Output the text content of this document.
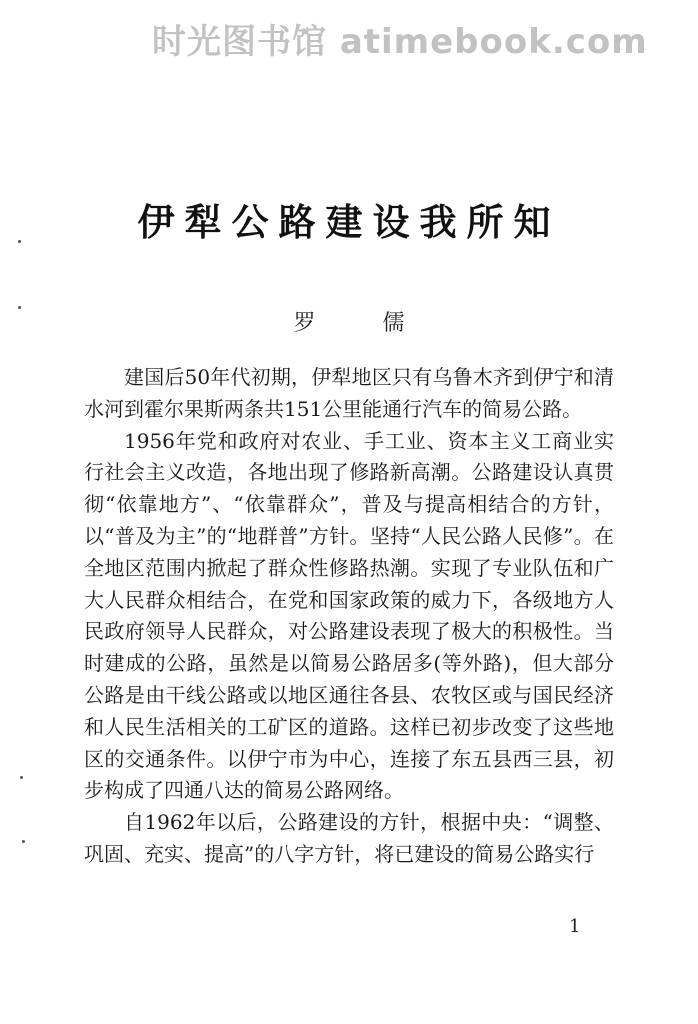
时光图书馆 atimebook.com
伊犁公路建设我所知
罗 儒

建国后50年代初期，伊犁地区只有乌鲁木齐到伊宁和清水河到霍尔果斯两条共151公里能通行汽车的简易公路。

1956年党和政府对农业、手工业、资本主义工商业实行社会主义改造，各地出现了修路新高潮。公路建设认真贯彻“依靠地方”、“依靠群众”，普及与提高相结合的方针，以“普及为主”的“地群普”方针。坚持“人民公路人民修”。在全地区范围内掀起了群众性修路热潮。实现了专业队伍和广大人民群众相结合，在党和国家政策的威力下，各级地方人民政府领导人民群众，对公路建设表现了极大的积极性。当时建成的公路，虽然是以简易公路居多(等外路)，但大部分公路是由干线公路或以地区通往各县、农牧区或与国民经济和人民生活相关的工矿区的道路。这样已初步改变了这些地区的交通条件。以伊宁市为中心，连接了东五县西三县，初步构成了四通八达的简易公路网络。

自1962年以后，公路建设的方针，根据中央：“调整、巩固、充实、提高”的八字方针，将已建设的简易公路实行

1
